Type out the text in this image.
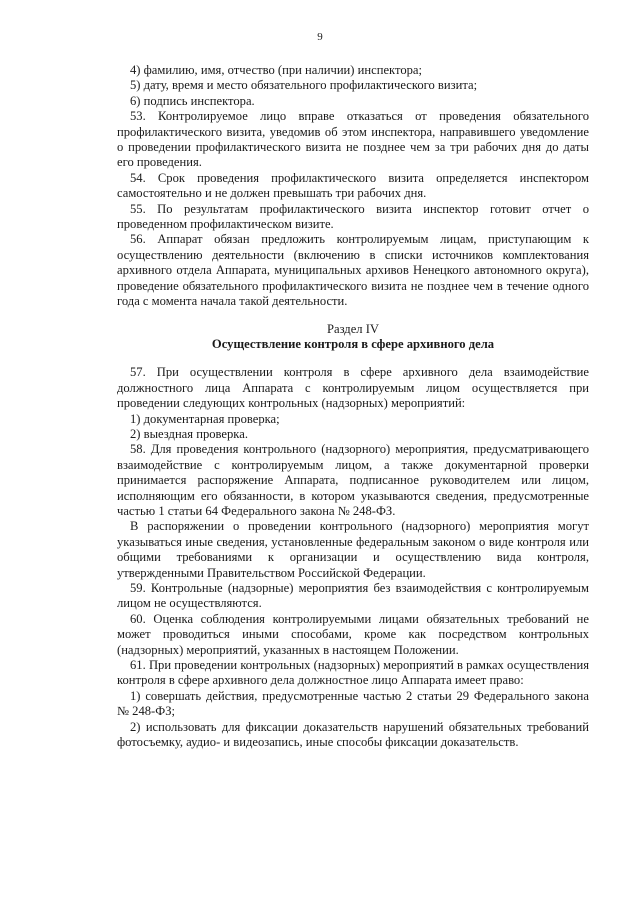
9

4) фамилию, имя, отчество (при наличии) инспектора;

5) дату, время и место обязательного профилактического визита;

6) подпись инспектора.

53. Контролируемое лицо вправе отказаться от проведения обязательного профилактического визита, уведомив об этом инспектора, направившего уведомление о проведении профилактического визита не позднее чем за три рабочих дня до даты его проведения.

54. Срок проведения профилактического визита определяется инспектором самостоятельно и не должен превышать три рабочих дня.

55. По результатам профилактического визита инспектор готовит отчет о проведенном профилактическом визите.

56. Аппарат обязан предложить контролируемым лицам, приступающим к осуществлению деятельности (включению в списки источников комплектования архивного отдела Аппарата, муниципальных архивов Ненецкого автономного округа), проведение обязательного профилактического визита не позднее чем в течение одного года с момента начала такой деятельности.

Раздел IV

Осуществление контроля в сфере архивного дела

57. При осуществлении контроля в сфере архивного дела взаимодействие должностного лица Аппарата с контролируемым лицом осуществляется при проведении следующих контрольных (надзорных) мероприятий:

1) документарная проверка;

2) выездная проверка.

58. Для проведения контрольного (надзорного) мероприятия, предусматривающего взаимодействие с контролируемым лицом, а также документарной проверки принимается распоряжение Аппарата, подписанное руководителем или лицом, исполняющим его обязанности, в котором указываются сведения, предусмотренные частью 1 статьи 64 Федерального закона № 248-ФЗ.

В распоряжении о проведении контрольного (надзорного) мероприятия могут указываться иные сведения, установленные федеральным законом о виде контроля или общими требованиями к организации и осуществлению вида контроля, утвержденными Правительством Российской Федерации.

59. Контрольные (надзорные) мероприятия без взаимодействия с контролируемым лицом не осуществляются.

60. Оценка соблюдения контролируемыми лицами обязательных требований не может проводиться иными способами, кроме как посредством контрольных (надзорных) мероприятий, указанных в настоящем Положении.

61. При проведении контрольных (надзорных) мероприятий в рамках осуществления контроля в сфере архивного дела должностное лицо Аппарата имеет право:

1) совершать действия, предусмотренные частью 2 статьи 29 Федерального закона № 248-ФЗ;

2) использовать для фиксации доказательств нарушений обязательных требований фотосъемку, аудио- и видеозапись, иные способы фиксации доказательств.
